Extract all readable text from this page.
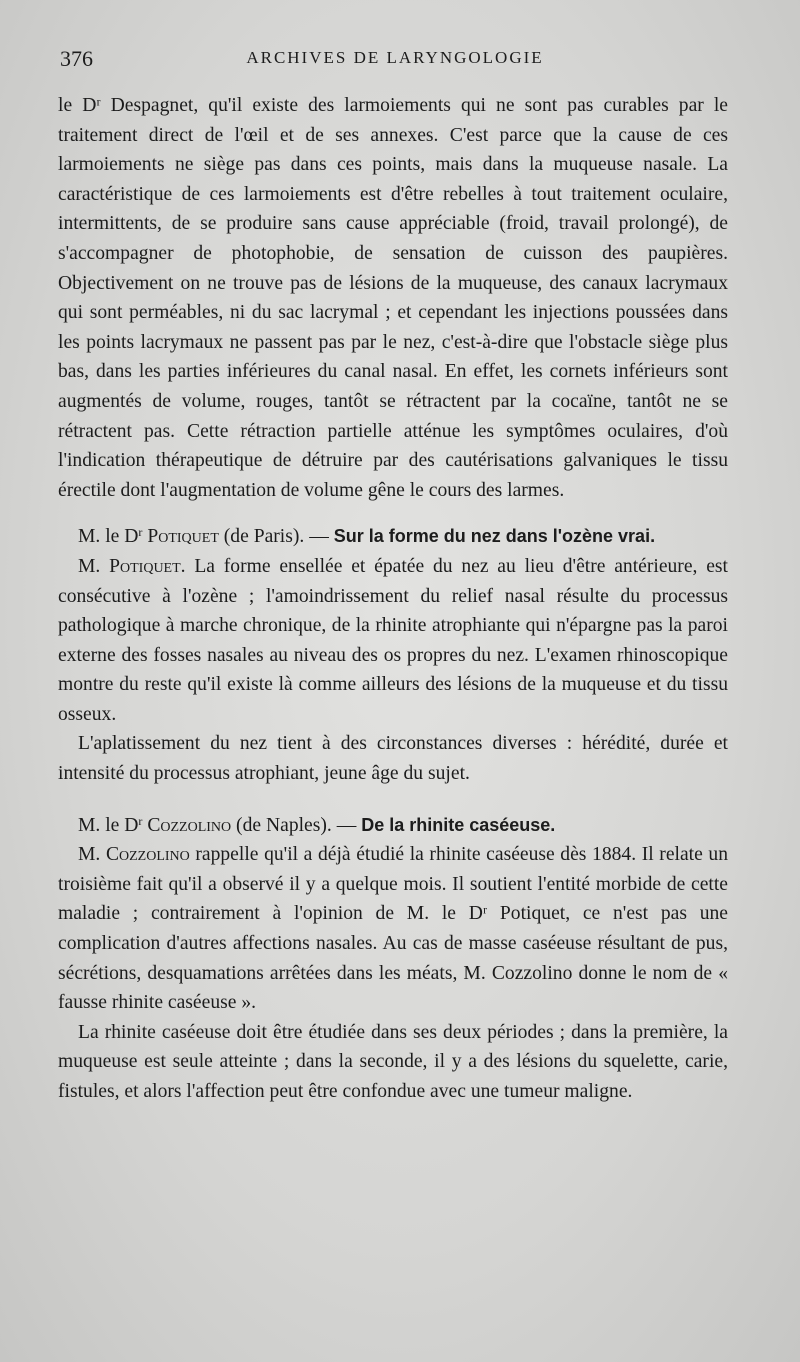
376	ARCHIVES DE LARYNGOLOGIE

le Dʳ Despagnet, qu'il existe des larmoiements qui ne sont pas curables par le traitement direct de l'œil et de ses annexes. C'est parce que la cause de ces larmoiements ne siège pas dans ces points, mais dans la muqueuse nasale. La caractéristique de ces larmoiements est d'être rebelles à tout traitement oculaire, intermittents, de se produire sans cause appréciable (froid, travail prolongé), de s'accompagner de photophobie, de sensation de cuisson des paupières. Objectivement on ne trouve pas de lésions de la muqueuse, des canaux lacrymaux qui sont perméables, ni du sac lacrymal ; et cependant les injections poussées dans les points lacrymaux ne passent pas par le nez, c'est-à-dire que l'obstacle siège plus bas, dans les parties inférieures du canal nasal. En effet, les cornets inférieurs sont augmentés de volume, rouges, tantôt se rétractent par la cocaïne, tantôt ne se rétractent pas. Cette rétraction partielle atténue les symptômes oculaires, d'où l'indication thérapeutique de détruire par des cautérisations galvaniques le tissu érectile dont l'augmentation de volume gêne le cours des larmes.

M. le $D^r$ Potiquet (de Paris). — Sur la forme du nez dans l'ozène vrai.

M. Potiquet. La forme ensellée et épatée du nez au lieu d'être antérieure, est consécutive à l'ozène ; l'amoindrissement du relief nasal résulte du processus pathologique à marche chronique, de la rhinite atrophiante qui n'épargne pas la paroi externe des fosses nasales au niveau des os propres du nez. L'examen rhinoscopique montre du reste qu'il existe là comme ailleurs des lésions de la muqueuse et du tissu osseux.

L'aplatissement du nez tient à des circonstances diverses : hérédité, durée et intensité du processus atrophiant, jeune âge du sujet.

M. le $D^r$ Cozzolino (de Naples). — De la rhinite caséeuse.

M. Cozzolino rappelle qu'il a déjà étudié la rhinite caséeuse dès 1884. Il relate un troisième fait qu'il a observé il y a quelque mois. Il soutient l'entité morbide de cette maladie ; contrairement à l'opinion de M. le Dʳ Potiquet, ce n'est pas une complication d'autres affections nasales. Au cas de masse caséeuse résultant de pus, sécrétions, desquamations arrêtées dans les méats, M. Cozzolino donne le nom de « fausse rhinite caséeuse ».

La rhinite caséeuse doit être étudiée dans ses deux périodes ; dans la première, la muqueuse est seule atteinte ; dans la seconde, il y a des lésions du squelette, carie, fistules, et alors l'affection peut être confondue avec une tumeur maligne.
